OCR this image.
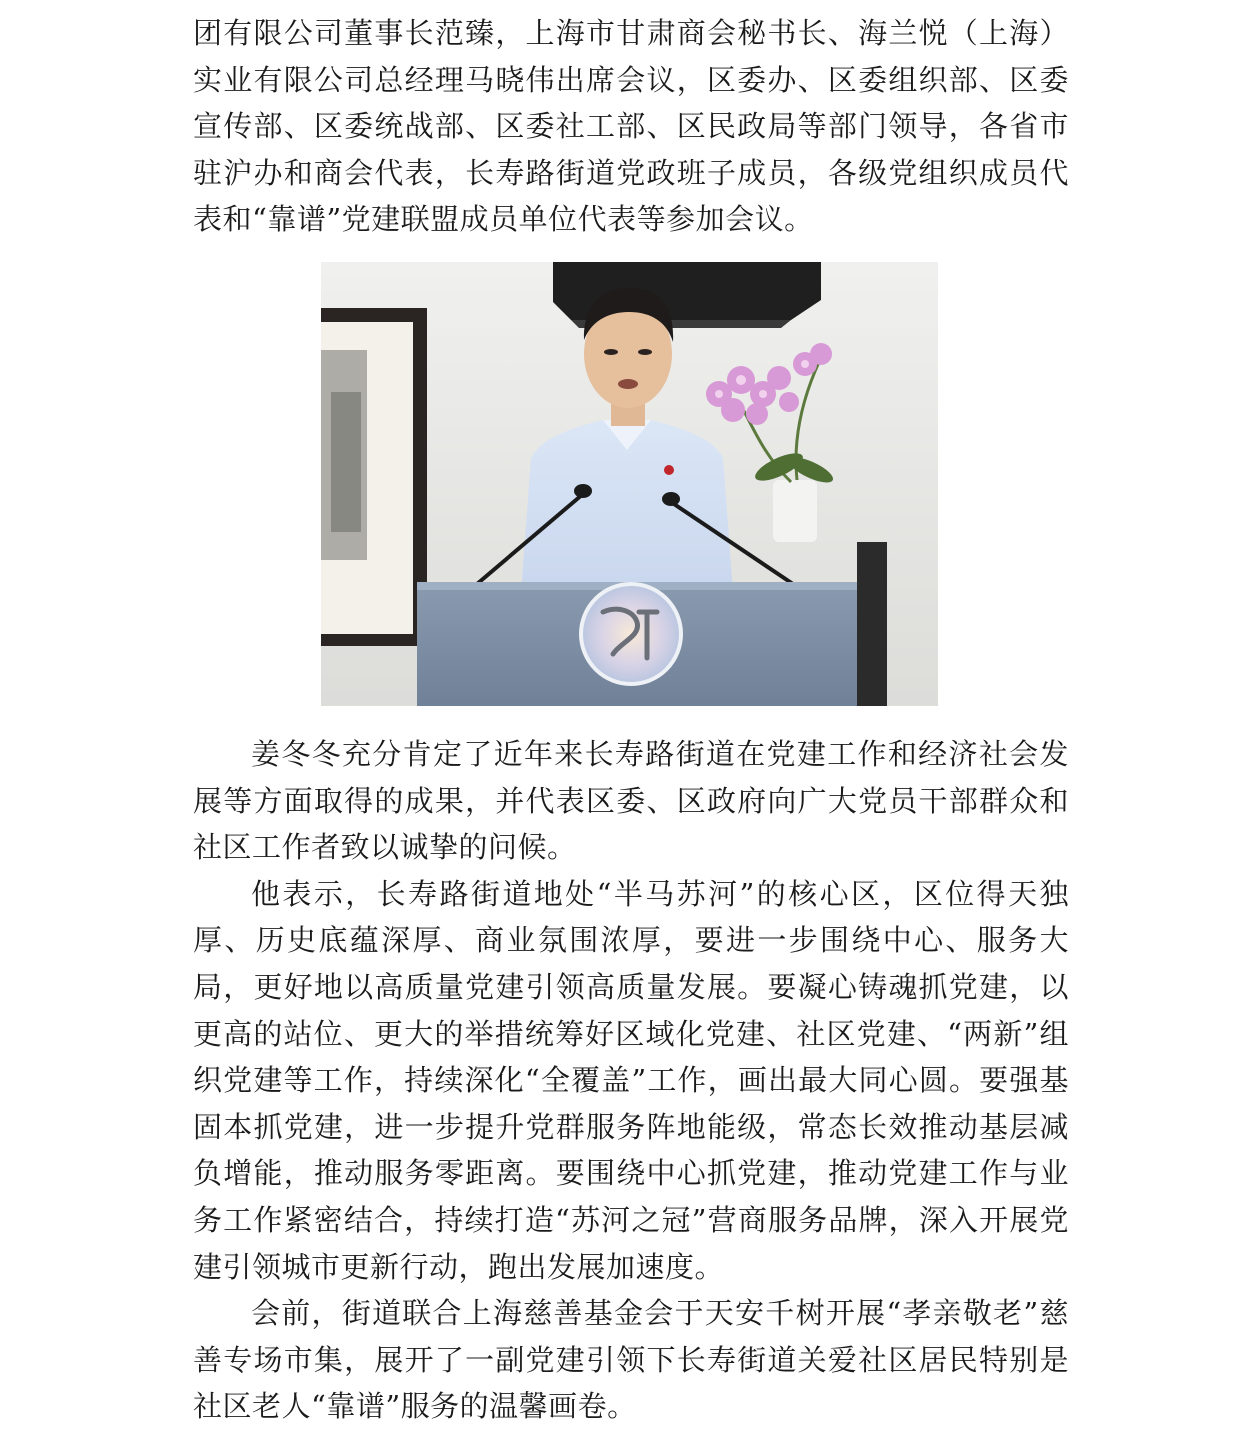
团有限公司董事长范臻，上海市甘肃商会秘书长、海兰悦（上海）实业有限公司总经理马晓伟出席会议，区委办、区委组织部、区委宣传部、区委统战部、区委社工部、区民政局等部门领导，各省市驻沪办和商会代表，长寿路街道党政班子成员，各级党组织成员代表和“靠谱”党建联盟成员单位代表等参加会议。

姜冬冬充分肯定了近年来长寿路街道在党建工作和经济社会发展等方面取得的成果，并代表区委、区政府向广大党员干部群众和社区工作者致以诚挚的问候。

他表示，长寿路街道地处“半马苏河”的核心区，区位得天独厚、历史底蕴深厚、商业氛围浓厚，要进一步围绕中心、服务大局，更好地以高质量党建引领高质量发展。要凝心铸魂抓党建，以更高的站位、更大的举措统筹好区域化党建、社区党建、“两新”组织党建等工作，持续深化“全覆盖”工作，画出最大同心圆。要强基固本抓党建，进一步提升党群服务阵地能级，常态长效推动基层减负增能，推动服务零距离。要围绕中心抓党建，推动党建工作与业务工作紧密结合，持续打造“苏河之冠”营商服务品牌，深入开展党建引领城市更新行动，跑出发展加速度。

会前，街道联合上海慈善基金会于天安千树开展“孝亲敬老”慈善专场市集，展开了一副党建引领下长寿街道关爱社区居民特别是社区老人“靠谱”服务的温馨画卷。
